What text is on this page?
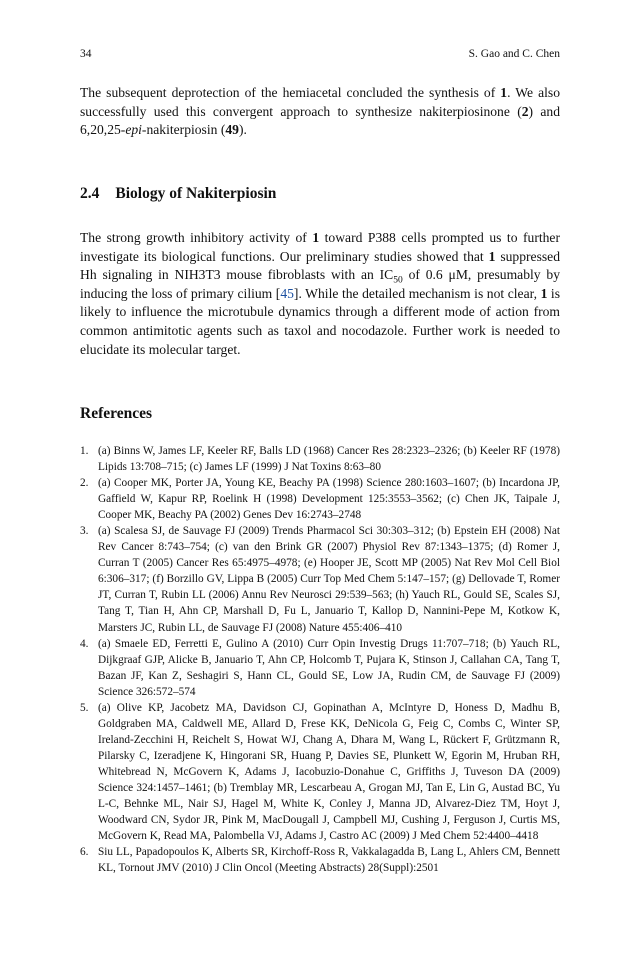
34	S. Gao and C. Chen

The subsequent deprotection of the hemiacetal concluded the synthesis of 1. We also successfully used this convergent approach to synthesize nakiterpiosinone (2) and 6,20,25-epi-nakiterpiosin (49).

2.4 Biology of Nakiterpiosin

The strong growth inhibitory activity of 1 toward P388 cells prompted us to further investigate its biological functions. Our preliminary studies showed that 1 suppressed Hh signaling in NIH3T3 mouse fibroblasts with an $IC_{50}$ of 0.6 μM, presumably by inducing the loss of primary cilium [45]. While the detailed mechanism is not clear, 1 is likely to influence the microtubule dynamics through a different mode of action from common antimitotic agents such as taxol and nocodazole. Further work is needed to elucidate its molecular target.

References
1. (a) Binns W, James LF, Keeler RF, Balls LD (1968) Cancer Res 28:2323–2326; (b) Keeler RF (1978) Lipids 13:708–715; (c) James LF (1999) J Nat Toxins 8:63–80
2. (a) Cooper MK, Porter JA, Young KE, Beachy PA (1998) Science 280:1603–1607; (b) Incardona JP, Gaffield W, Kapur RP, Roelink H (1998) Development 125:3553–3562; (c) Chen JK, Taipale J, Cooper MK, Beachy PA (2002) Genes Dev 16:2743–2748
3. (a) Scalesa SJ, de Sauvage FJ (2009) Trends Pharmacol Sci 30:303–312; (b) Epstein EH (2008) Nat Rev Cancer 8:743–754; (c) van den Brink GR (2007) Physiol Rev 87:1343–1375; (d) Romer J, Curran T (2005) Cancer Res 65:4975–4978; (e) Hooper JE, Scott MP (2005) Nat Rev Mol Cell Biol 6:306–317; (f) Borzillo GV, Lippa B (2005) Curr Top Med Chem 5:147–157; (g) Dellovade T, Romer JT, Curran T, Rubin LL (2006) Annu Rev Neurosci 29:539–563; (h) Yauch RL, Gould SE, Scales SJ, Tang T, Tian H, Ahn CP, Marshall D, Fu L, Januario T, Kallop D, Nannini-Pepe M, Kotkow K, Marsters JC, Rubin LL, de Sauvage FJ (2008) Nature 455:406–410
4. (a) Smaele ED, Ferretti E, Gulino A (2010) Curr Opin Investig Drugs 11:707–718; (b) Yauch RL, Dijkgraaf GJP, Alicke B, Januario T, Ahn CP, Holcomb T, Pujara K, Stinson J, Callahan CA, Tang T, Bazan JF, Kan Z, Seshagiri S, Hann CL, Gould SE, Low JA, Rudin CM, de Sauvage FJ (2009) Science 326:572–574
5. (a) Olive KP, Jacobetz MA, Davidson CJ, Gopinathan A, McIntyre D, Honess D, Madhu B, Goldgraben MA, Caldwell ME, Allard D, Frese KK, DeNicola G, Feig C, Combs C, Winter SP, Ireland-Zecchini H, Reichelt S, Howat WJ, Chang A, Dhara M, Wang L, Rückert F, Grützmann R, Pilarsky C, Izeradjene K, Hingorani SR, Huang P, Davies SE, Plunkett W, Egorin M, Hruban RH, Whitebread N, McGovern K, Adams J, Iacobuzio-Donahue C, Griffiths J, Tuveson DA (2009) Science 324:1457–1461; (b) Tremblay MR, Lescarbeau A, Grogan MJ, Tan E, Lin G, Austad BC, Yu L-C, Behnke ML, Nair SJ, Hagel M, White K, Conley J, Manna JD, Alvarez-Diez TM, Hoyt J, Woodward CN, Sydor JR, Pink M, MacDougall J, Campbell MJ, Cushing J, Ferguson J, Curtis MS, McGovern K, Read MA, Palombella VJ, Adams J, Castro AC (2009) J Med Chem 52:4400–4418
6. Siu LL, Papadopoulos K, Alberts SR, Kirchoff-Ross R, Vakkalagadda B, Lang L, Ahlers CM, Bennett KL, Tornout JMV (2010) J Clin Oncol (Meeting Abstracts) 28(Suppl):2501
